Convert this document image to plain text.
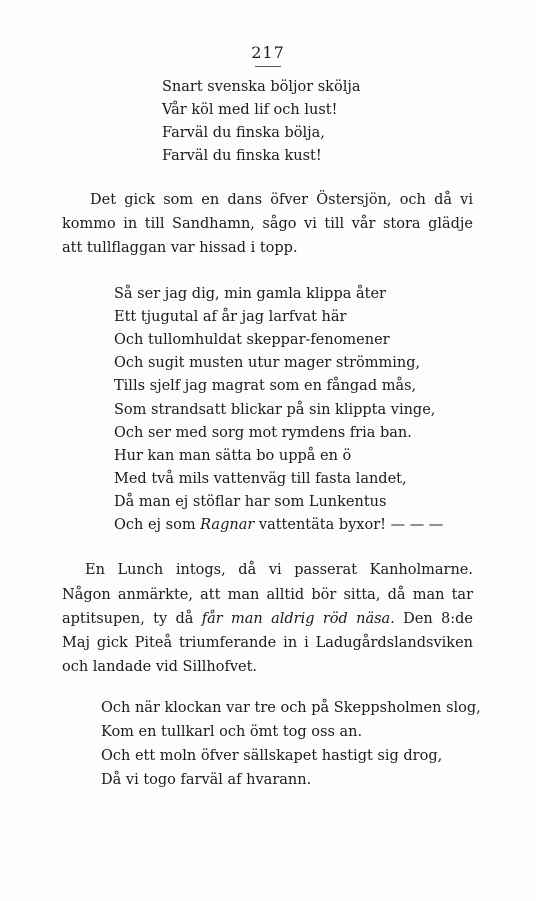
217
Snart svenska böljor skölja
Vår köl med lif och lust!
Farväl du finska bölja,
Farväl du finska kust!
Det gick som en dans öfver Östersjön, och då vi
kommo in till Sandhamn, sågo vi till vår stora glädje
att tullflaggan var hissad i topp.
Så ser jag dig, min gamla klippa åter
Ett tjugutal af år jag larfvat här
Och tullomhuldat skeppar-fenomener
Och sugit musten utur mager strömming,
Tills sjelf jag magrat som en fångad mås,
Som strandsatt blickar på sin klippta vinge,
Och ser med sorg mot rymdens fria ban.
Hur kan man sätta bo uppå en ö
Med två mils vattenväg till fasta landet,
Då man ej stöflar har som Lunkentus
Och ej som Ragnar vattentäta byxor! — — —
En Lunch intogs, då vi passerat Kanholmarne.
Någon anmärkte, att man alltid bör sitta, då man tar
aptitsupen, ty då får man aldrig röd näsa. Den 8:de
Maj gick Piteå triumferande in i Ladugårdslandsviken
och landade vid Sillhofvet.
Och när klockan var tre och på Skeppsholmen slog,
Kom en tullkarl och ömt tog oss an.
Och ett moln öfver sällskapet hastigt sig drog,
Då vi togo farväl af hvarann.
